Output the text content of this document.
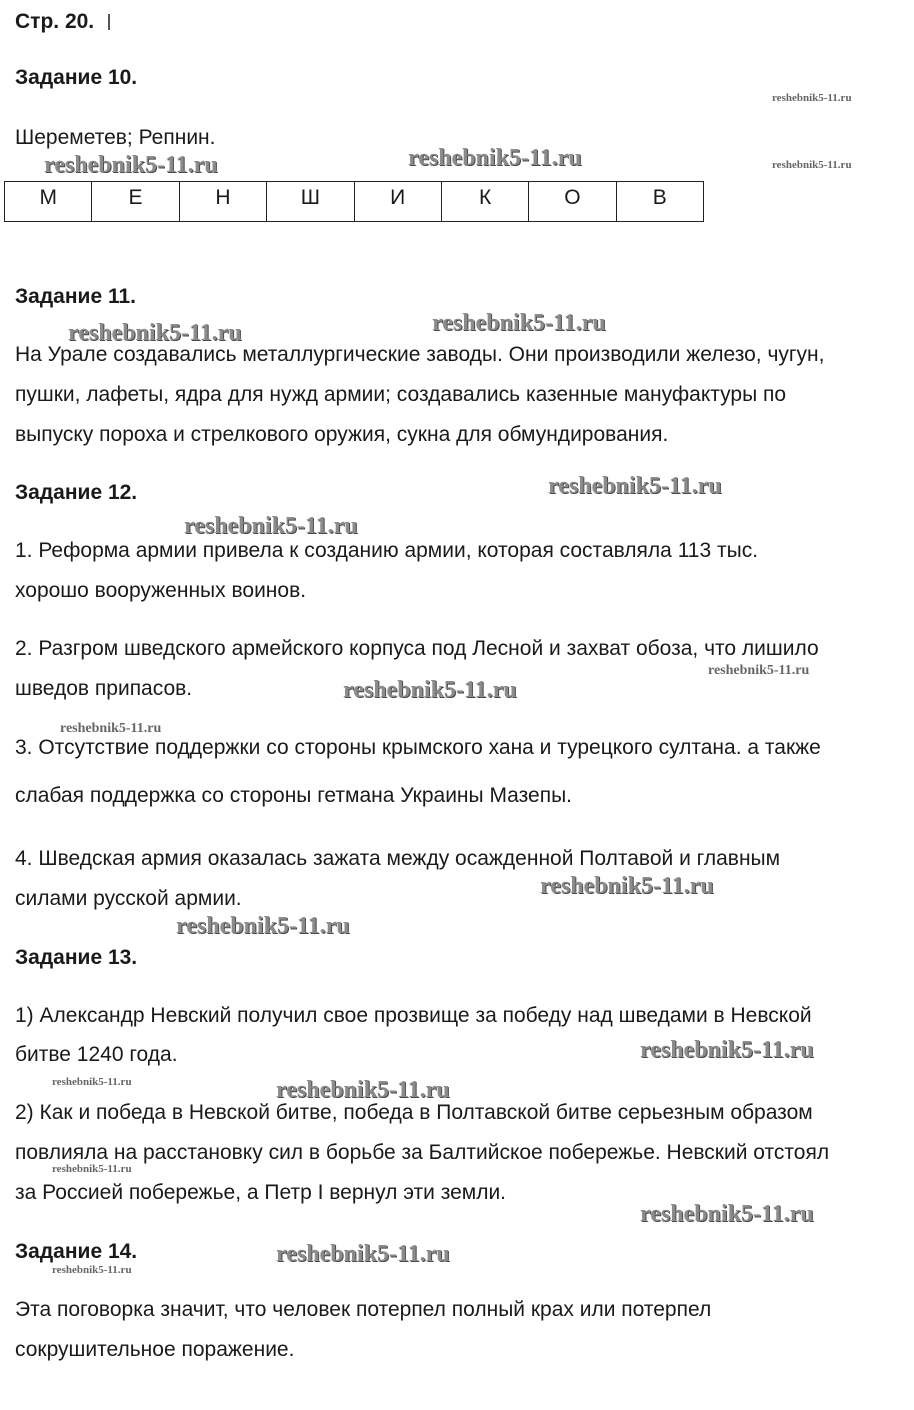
Стр. 20.
Задание 10.
Шереметев; Репнин.
М	Е	Н	Ш	И	К	О	В
Задание 11.
На Урале создавались металлургические заводы. Они производили железо, чугун,
пушки, лафеты, ядра для нужд армии; создавались казенные мануфактуры по
выпуску пороха и стрелкового оружия, сукна для обмундирования.
Задание 12.
1. Реформа армии привела к созданию армии, которая составляла 113 тыс.
хорошо вооруженных воинов.
2. Разгром шведского армейского корпуса под Лесной и захват обоза, что лишило
шведов припасов.
3. Отсутствие поддержки со стороны крымского хана и турецкого султана. а также
слабая поддержка со стороны гетмана Украины Мазепы.
4. Шведская армия оказалась зажата между осажденной Полтавой и главным
силами русской армии.
Задание 13.
1) Александр Невский получил свое прозвище за победу над шведами в Невской
битве 1240 года.
2) Как и победа в Невской битве, победа в Полтавской битве серьезным образом
повлияла на расстановку сил в борьбе за Балтийское побережье. Невский отстоял
за Россией побережье, а Петр I вернул эти земли.
Задание 14.
Эта поговорка значит, что человек потерпел полный крах или потерпел
сокрушительное поражение.
reshebnik5-11.ru
reshebnik5-11.ru
reshebnik5-11.ru	reshebnik5-11.ru
reshebnik5-11.ru	reshebnik5-11.ru
reshebnik5-11.ru
reshebnik5-11.ru
reshebnik5-11.ru
reshebnik5-11.ru
reshebnik5-11.ru
reshebnik5-11.ru
reshebnik5-11.ru
reshebnik5-11.ru
reshebnik5-11.ru	reshebnik5-11.ru
reshebnik5-11.ru
reshebnik5-11.ru
reshebnik5-11.ru
reshebnik5-11.ru
